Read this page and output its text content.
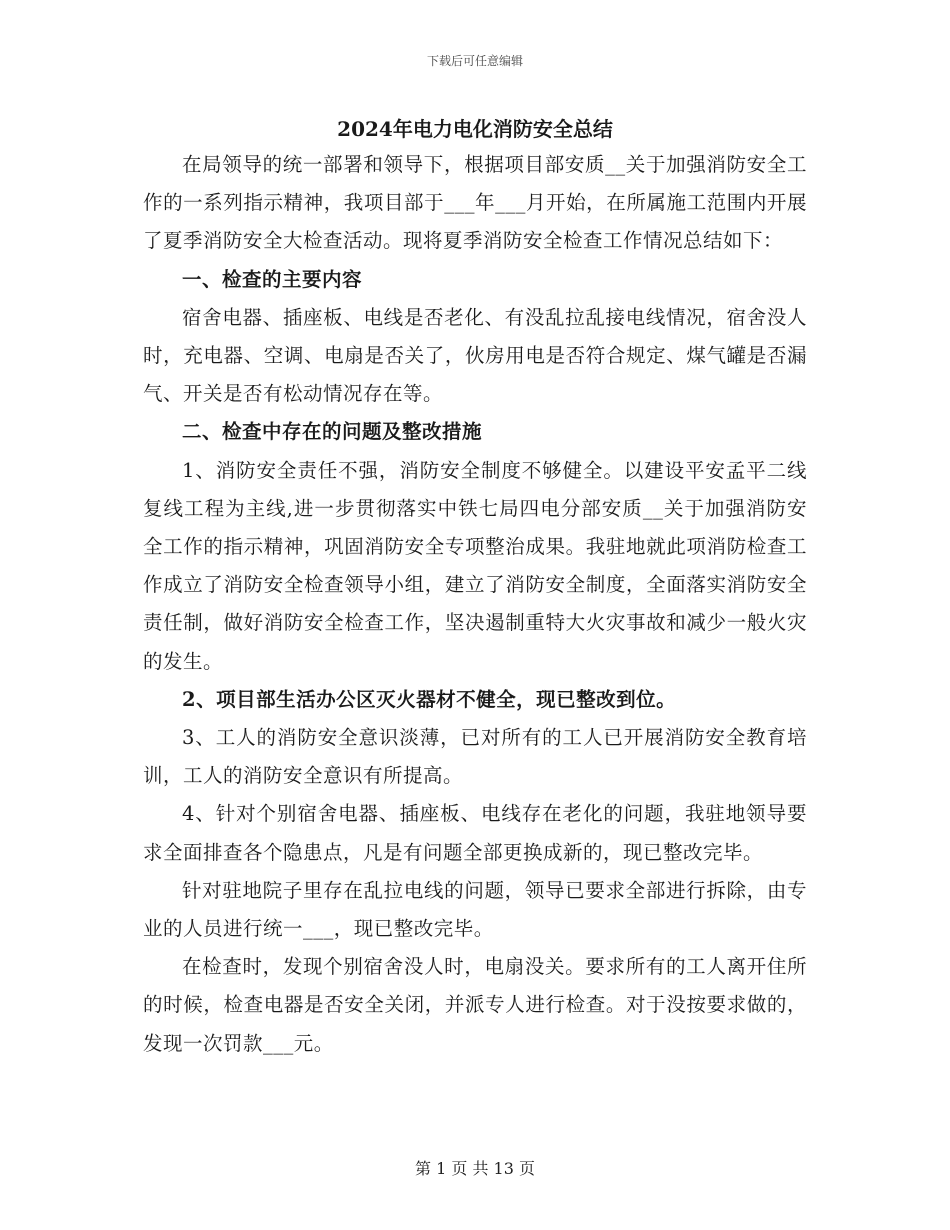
下载后可任意编辑
2024年电力电化消防安全总结

在局领导的统一部署和领导下，根据项目部安质__关于加强消防安全工作的一系列指示精神，我项目部于___年___月开始，在所属施工范围内开展了夏季消防安全大检查活动。现将夏季消防安全检查工作情况总结如下：

一、检查的主要内容

宿舍电器、插座板、电线是否老化、有没乱拉乱接电线情况，宿舍没人时，充电器、空调、电扇是否关了，伙房用电是否符合规定、煤气罐是否漏气、开关是否有松动情况存在等。

二、检查中存在的问题及整改措施

1、消防安全责任不强，消防安全制度不够健全。以建设平安孟平二线复线工程为主线,进一步贯彻落实中铁七局四电分部安质__关于加强消防安全工作的指示精神，巩固消防安全专项整治成果。我驻地就此项消防检查工作成立了消防安全检查领导小组，建立了消防安全制度，全面落实消防安全责任制，做好消防安全检查工作，坚决遏制重特大火灾事故和减少一般火灾的发生。

2、项目部生活办公区灭火器材不健全，现已整改到位。

3、工人的消防安全意识淡薄，已对所有的工人已开展消防安全教育培训，工人的消防安全意识有所提高。

4、针对个别宿舍电器、插座板、电线存在老化的问题，我驻地领导要求全面排查各个隐患点，凡是有问题全部更换成新的，现已整改完毕。

针对驻地院子里存在乱拉电线的问题，领导已要求全部进行拆除，由专业的人员进行统一___，现已整改完毕。

在检查时，发现个别宿舍没人时，电扇没关。要求所有的工人离开住所的时候，检查电器是否安全关闭，并派专人进行检查。对于没按要求做的，发现一次罚款___元。

第 1 页 共 13 页
